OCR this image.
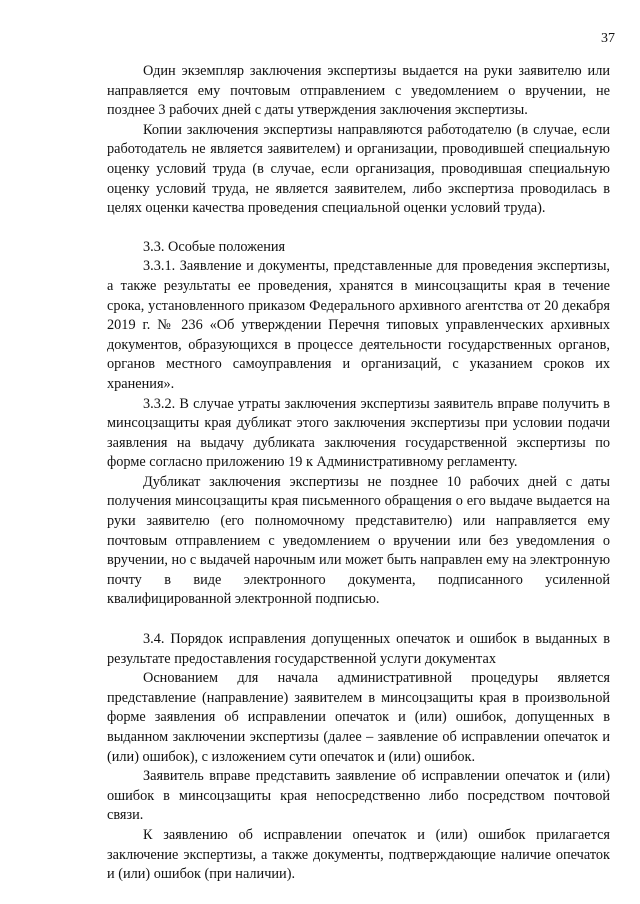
37

Один экземпляр заключения экспертизы выдается на руки заявителю или направляется ему почтовым отправлением с уведомлением о вручении, не позднее 3 рабочих дней с даты утверждения заключения экспертизы.

Копии заключения экспертизы направляются работодателю (в случае, если работодатель не является заявителем) и организации, проводившей специальную оценку условий труда (в случае, если организация, проводившая специальную оценку условий труда, не является заявителем, либо экспертиза проводилась в целях оценки качества проведения специальной оценки условий труда).

3.3. Особые положения

3.3.1. Заявление и документы, представленные для проведения экспертизы, а также результаты ее проведения, хранятся в минсоцзащиты края в течение срока, установленного приказом Федерального архивного агентства от 20 декабря 2019 г. № 236 «Об утверждении Перечня типовых управленческих архивных документов, образующихся в процессе деятельности государственных органов, органов местного самоуправления и организаций, с указанием сроков их хранения».

3.3.2. В случае утраты заключения экспертизы заявитель вправе получить в минсоцзащиты края дубликат этого заключения экспертизы при условии подачи заявления на выдачу дубликата заключения государственной экспертизы по форме согласно приложению 19 к Административному регламенту.

Дубликат заключения экспертизы не позднее 10 рабочих дней с даты получения минсоцзащиты края письменного обращения о его выдаче выдается на руки заявителю (его полномочному представителю) или направляется ему почтовым отправлением с уведомлением о вручении или без уведомления о вручении, но с выдачей нарочным или может быть направлен ему на электронную почту в виде электронного документа, подписанного усиленной квалифицированной электронной подписью.

3.4. Порядок исправления допущенных опечаток и ошибок в выданных в результате предоставления государственной услуги документах

Основанием для начала административной процедуры является представление (направление) заявителем в минсоцзащиты края в произвольной форме заявления об исправлении опечаток и (или) ошибок, допущенных в выданном заключении экспертизы (далее – заявление об исправлении опечаток и (или) ошибок), с изложением сути опечаток и (или) ошибок.

Заявитель вправе представить заявление об исправлении опечаток и (или) ошибок в минсоцзащиты края непосредственно либо посредством почтовой связи.

К заявлению об исправлении опечаток и (или) ошибок прилагается заключение экспертизы, а также документы, подтверждающие наличие опечаток и (или) ошибок (при наличии).
